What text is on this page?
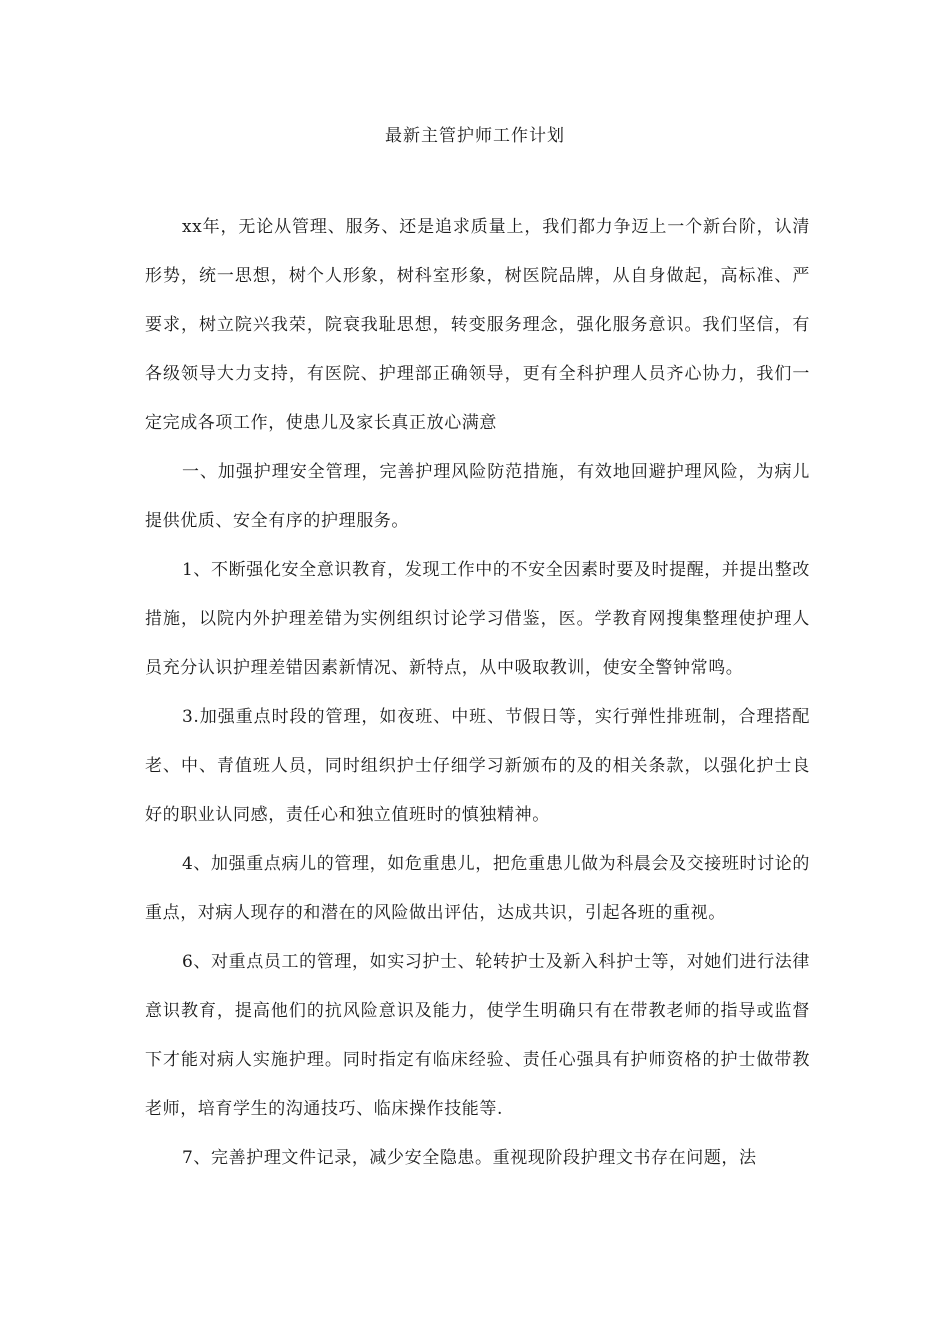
最新主管护师工作计划

xx年，无论从管理、服务、还是追求质量上，我们都力争迈上一个新台阶，认清形势，统一思想，树个人形象，树科室形象，树医院品牌，从自身做起，高标准、严要求，树立院兴我荣，院衰我耻思想，转变服务理念，强化服务意识。我们坚信，有各级领导大力支持，有医院、护理部正确领导，更有全科护理人员齐心协力，我们一定完成各项工作，使患儿及家长真正放心满意

一、加强护理安全管理，完善护理风险防范措施，有效地回避护理风险，为病儿提供优质、安全有序的护理服务。

1、不断强化安全意识教育，发现工作中的不安全因素时要及时提醒，并提出整改措施，以院内外护理差错为实例组织讨论学习借鉴，医。学教育网搜集整理使护理人员充分认识护理差错因素新情况、新特点，从中吸取教训，使安全警钟常鸣。

3.加强重点时段的管理，如夜班、中班、节假日等，实行弹性排班制，合理搭配老、中、青值班人员，同时组织护士仔细学习新颁布的及的相关条款，以强化护士良好的职业认同感，责任心和独立值班时的慎独精神。

4、加强重点病儿的管理，如危重患儿，把危重患儿做为科晨会及交接班时讨论的重点，对病人现存的和潜在的风险做出评估，达成共识，引起各班的重视。

6、对重点员工的管理，如实习护士、轮转护士及新入科护士等，对她们进行法律意识教育，提高他们的抗风险意识及能力，使学生明确只有在带教老师的指导或监督下才能对病人实施护理。同时指定有临床经验、责任心强具有护师资格的护士做带教老师，培育学生的沟通技巧、临床操作技能等.

7、完善护理文件记录，减少安全隐患。重视现阶段护理文书存在问题，法
